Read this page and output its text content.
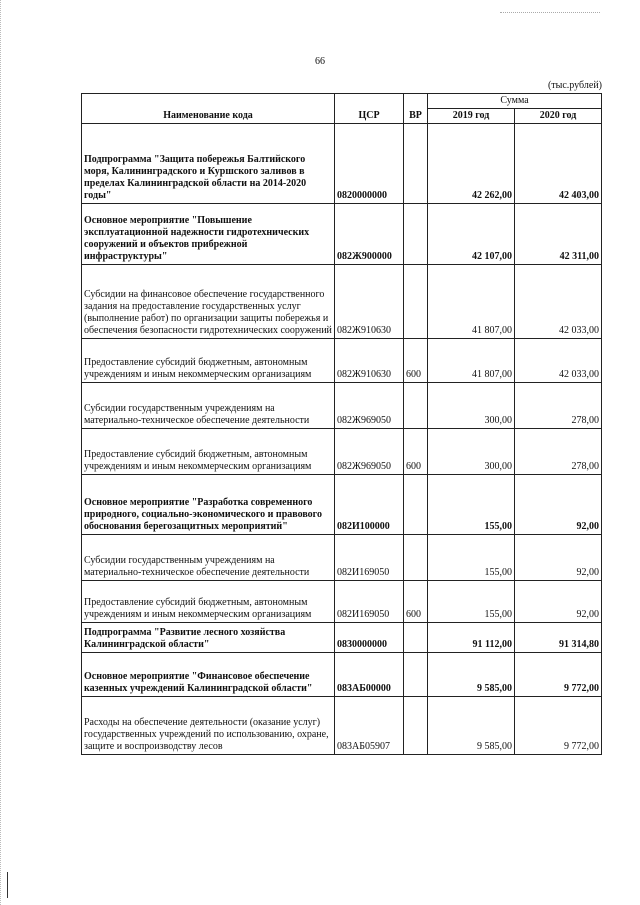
66
(тыс.рублей)
Наименование кода	ЦСР	ВР	Сумма	
			2019 год	2020 год
Подпрограмма "Защита побережья Балтийского моря, Калининградского и Куршского заливов в пределах Калининградской области на 2014-2020 годы"	0820000000		42 262,00	42 403,00
Основное мероприятие "Повышение эксплуатационной надежности гидротехнических сооружений и объектов прибрежной инфраструктуры"	082Ж900000		42 107,00	42 311,00
Субсидии на финансовое обеспечение государственного задания на предоставление государственных услуг (выполнение работ) по организации защиты побережья и обеспечения безопасности гидротехнических сооружений	082Ж910630		41 807,00	42 033,00
Предоставление субсидий бюджетным, автономным учреждениям и иным некоммерческим организациям	082Ж910630	600	41 807,00	42 033,00
Субсидии государственным учреждениям на материально-техническое обеспечение деятельности	082Ж969050		300,00	278,00
Предоставление субсидий бюджетным, автономным учреждениям и иным некоммерческим организациям	082Ж969050	600	300,00	278,00
Основное мероприятие "Разработка современного природного, социально-экономического и правового обоснования берегозащитных мероприятий"	082И100000		155,00	92,00
Субсидии государственным учреждениям на материально-техническое обеспечение деятельности	082И169050		155,00	92,00
Предоставление субсидий бюджетным, автономным учреждениям и иным некоммерческим организациям	082И169050	600	155,00	92,00
Подпрограмма "Развитие лесного хозяйства Калининградской области"	0830000000		91 112,00	91 314,80
Основное мероприятие "Финансовое обеспечение казенных учреждений Калининградской области"	083АБ00000		9 585,00	9 772,00
Расходы на обеспечение деятельности (оказание услуг) государственных учреждений по использованию, охране, защите и воспроизводству лесов	083АБ05907		9 585,00	9 772,00
